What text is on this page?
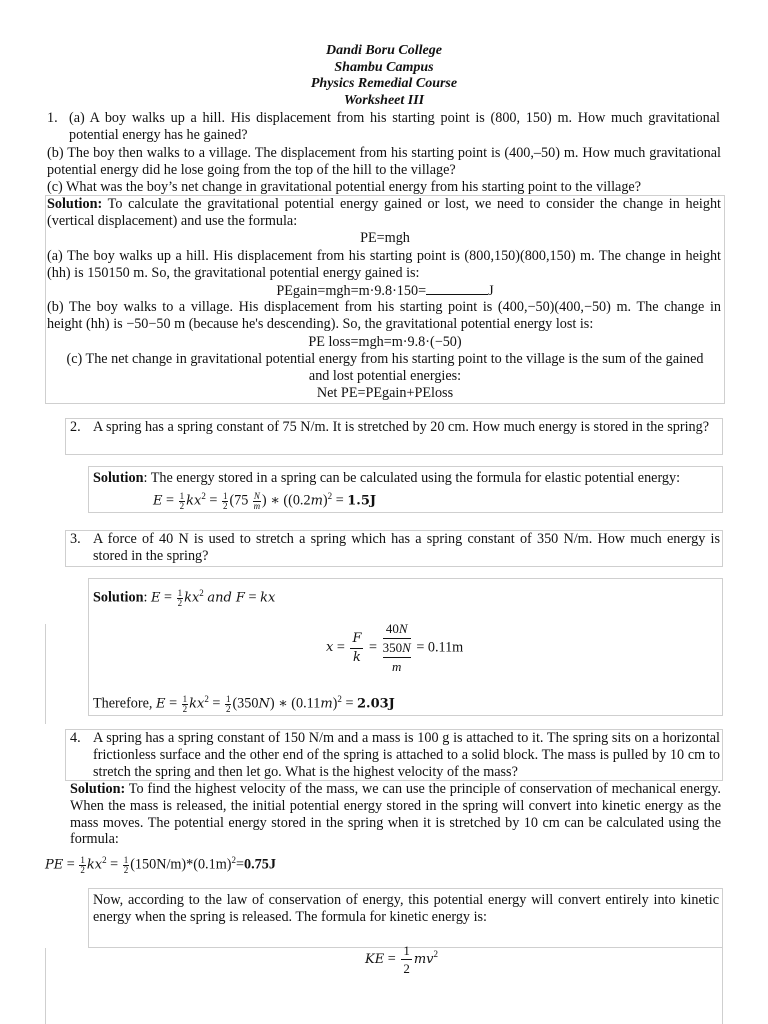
Dandi Boru College
Shambu Campus
Physics Remedial Course
Worksheet III
1. (a) A boy walks up a hill. His displacement from his starting point is (800, 150) m. How much gravitational potential energy has he gained?
(b) The boy then walks to a village. The displacement from his starting point is (400,–50) m. How much gravitational potential energy did he lose going from the top of the hill to the village?
(c) What was the boy’s net change in gravitational potential energy from his starting point to the village?
Solution: To calculate the gravitational potential energy gained or lost, we need to consider the change in height (vertical displacement) and use the formula:
PE=mgh
(a) The boy walks up a hill. His displacement from his starting point is (800,150)(800,150) m. The change in height (hh) is 150150 m. So, the gravitational potential energy gained is:
PEgain=mgh=m·9.8·150=	J
(b) The boy walks to a village. His displacement from his starting point is (400,−50)(400,−50) m. The change in height (hh) is −50−50 m (because he's descending). So, the gravitational potential energy lost is:
PE loss=mgh=m·9.8·(−50)
(c) The net change in gravitational potential energy from his starting point to the village is the sum of the gained and lost potential energies:
Net PE=PEgain+PEloss
2. A spring has a spring constant of 75 N/m. It is stretched by 20 cm. How much energy is stored in the spring?
Solution: The energy stored in a spring can be calculated using the formula for elastic potential energy:
$E = \frac{1}{2} kx^2 = \frac{1}{2} (75 \frac{N}{m}$ ) ∗ ($(0.2m)^2 = 1.5J$
3. A force of 40 N is used to stretch a spring which has a spring constant of 350 N/m. How much energy is stored in the spring?
Solution: $E = \frac{1}{2} kx^2$ and F = kx
$x = \frac{F}{k}$ =
40N
350N
m
= 0.11m
Therefore, $E = \frac{1}{2} kx^2 = \frac{1}{2} (350N)$ ∗ $(0.11m)^2 = 2.03J$
4. A spring has a spring constant of 150 N/m and a mass is 100 g is attached to it. The spring sits on a horizontal frictionless surface and the other end of the spring is attached to a solid block. The mass is pulled by 10 cm to stretch the spring and then let go. What is the highest velocity of the mass?
Solution: To find the highest velocity of the mass, we can use the principle of conservation of mechanical energy. When the mass is released, the initial potential energy stored in the spring will convert into kinetic energy as the mass moves. The potential energy stored in the spring when it is stretched by 10 cm can be calculated using the formula:
PE = $\frac{1}{2} kx^2 = \frac{1}{2} (150N/m)*(0.1m)^2=0.75J$
Now, according to the law of conservation of energy, this potential energy will convert entirely into kinetic energy when the spring is released. The formula for kinetic energy is:
KE = $\frac{1}{2} mv^2$
